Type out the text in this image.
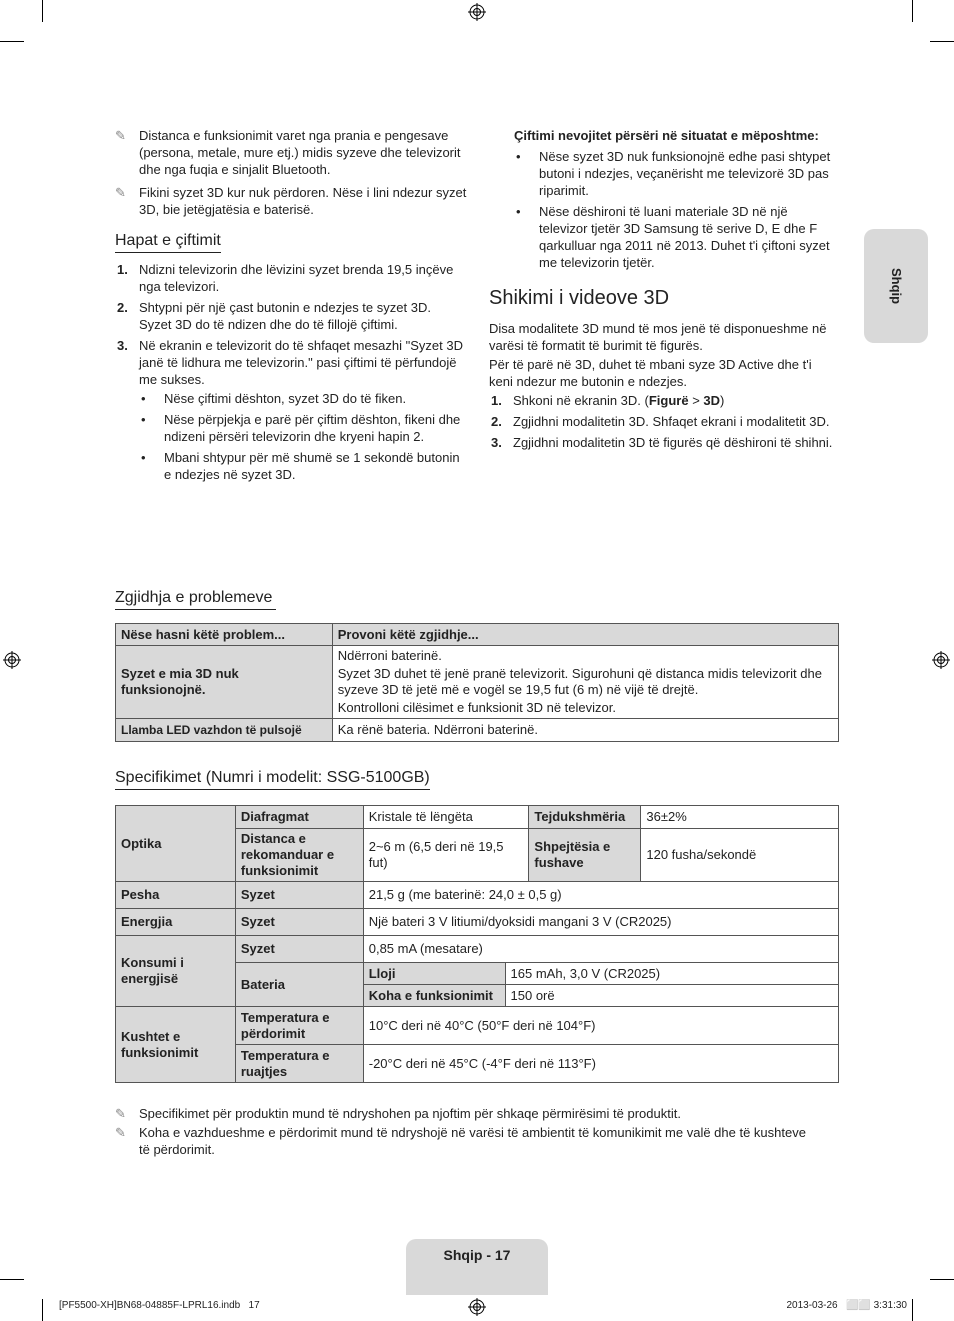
Shqip
✎	Distanca e funksionimit varet nga prania e pengesave (persona, metale, mure etj.) midis syzeve dhe televizorit dhe nga fuqia e sinjalit Bluetooth.
✎	Fikini syzet 3D kur nuk përdoren. Nëse i lini ndezur syzet 3D, bie jetëgjatësia e baterisë.
Hapat e çiftimit
1. Ndizni televizorin dhe lëvizini syzet brenda 19,5 inçëve nga televizori.
2. Shtypni për një çast butonin e ndezjes te syzet 3D. Syzet 3D do të ndizen dhe do të fillojë çiftimi.
3. Në ekranin e televizorit do të shfaqet mesazhi "Syzet 3D janë të lidhura me televizorin." pasi çiftimi të përfundojë me sukses.
•	Nëse çiftimi dështon, syzet 3D do të fiken.
•	Nëse përpjekja e parë për çiftim dështon, fikeni dhe ndizeni përsëri televizorin dhe kryeni hapin 2.
•	Mbani shtypur për më shumë se 1 sekondë butonin e ndezjes në syzet 3D.
Çiftimi nevojitet përsëri në situatat e mëposhtme:
•	Nëse syzet 3D nuk funksionojnë edhe pasi shtypet butoni i ndezjes, veçanërisht me televizorë 3D pas riparimit.
•	Nëse dëshironi të luani materiale 3D në një televizor tjetër 3D Samsung të serive D, E dhe F qarkulluar nga 2011 në 2013. Duhet t'i çiftoni syzet me televizorin tjetër.
Shikimi i videove 3D
Disa modalitete 3D mund të mos jenë të disponueshme në varësi të formatit të burimit të figurës.
Për të parë në 3D, duhet të mbani syze 3D Active dhe t'i keni ndezur me butonin e ndezjes.
1. Shkoni në ekranin 3D. (Figurë > 3D)
2. Zgjidhni modalitetin 3D. Shfaqet ekrani i modalitetit 3D.
3. Zgjidhni modalitetin 3D të figurës që dëshironi të shihni.
Zgjidhja e problemeve
Nëse hasni këtë problem...	Provoni këtë zgjidhje...
Syzet e mia 3D nuk funksionojnë.	Ndërroni baterinë.
Syzet 3D duhet të jenë pranë televizorit. Sigurohuni që distanca midis televizorit dhe syzeve 3D të jetë më e vogël se 19,5 fut (6 m) në vijë të drejtë.
Kontrolloni cilësimet e funksionit 3D në televizor.

Llamba LED vazhdon të pulsojë	Ka rënë bateria. Ndërroni baterinë.
Specifikimet (Numri i modelit: SSG-5100GB)
Optika	Diafragmat	Kristale të lëngëta		Tejdukshmëria	36±2%
	Distanca e rekomanduar e funksionimit	2~6 m (6,5 deri në 19,5 fut)		Shpejtësia e fushave	120 fusha/sekondë
Pesha	Syzet	21,5 g (me baterinë: 24,0 ± 0,5 g)			
Energjia	Syzet	Një bateri 3 V litiumi/dyoksidi mangani 3 V (CR2025)			
Konsumi i energjisë	Syzet	0,85 mA (mesatare)			
	Bateria	Lloji	165 mAh, 3,0 V (CR2025)		
		Koha e funksionimit	150 orë		
Kushtet e funksionimit	Temperatura e përdorimit	10°C deri në 40°C (50°F deri në 104°F)			
	Temperatura e ruajtjes	-20°C deri në 45°C (-4°F deri në 113°F)			
✎	Specifikimet për produktin mund të ndryshohen pa njoftim për shkaqe përmirësimi të produktit.
✎	Koha e vazhdueshme e përdorimit mund të ndryshojë në varësi të ambientit të komunikimit me valë dhe të kushteve të përdorimit.
Shqip - 17
[PF5500-XH]BN68-04885F-LPRL16.indb   17	2013-03-26   ⬜⬜ 3:31:30
